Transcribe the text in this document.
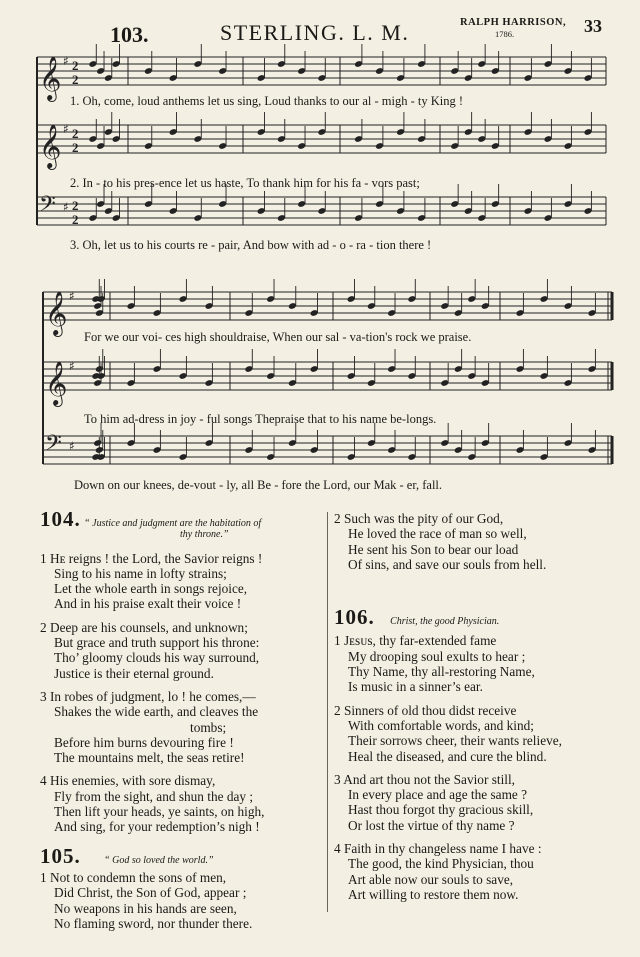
103.	STERLING. L. M.	RALPH HARRISON,
1786.	33
𝄞 ♯
𝄞 ♯
𝄢 ♯
𝄞 ♯
𝄞 ♯
𝄢 ♯
2
2
2
2
2
2
1. Oh, come, loud anthems let us sing, Loud thanks to our al - migh - ty King !
2. In - to his pres-ence let us haste, To thank him for his fa - vors past;
3. Oh, let us to his courts re - pair, And bow with ad - o - ra - tion there !
For we our voi- ces high shouldraise, When our sal - va-tion's rock we praise.
To him ad-dress in joy - ful songs Thepraise that to his name be-longs.
Down on our knees, de-vout - ly, all Be - fore the Lord, our Mak - er, fall.
104. “ Justice and judgment are the habitation of
thy throne.”
1 Hᴇ reigns ! the Lord, the Savior reigns !
Sing to his name in lofty strains;
Let the whole earth in songs rejoice,
And in his praise exalt their voice !
2 Deep are his counsels, and unknown;
But grace and truth support his throne:
Tho’ gloomy clouds his way surround,
Justice is their eternal ground.
3 In robes of judgment, lo ! he comes,—
Shakes the wide earth, and cleaves the
tombs;
Before him burns devouring fire !
The mountains melt, the seas retire!
4 His enemies, with sore dismay,
Fly from the sight, and shun the day ;
Then lift your heads, ye saints, on high,
And sing, for your redemption’s nigh !
105. “ God so loved the world.”
1 Not to condemn the sons of men,
Did Christ, the Son of God, appear ;
No weapons in his hands are seen,
No flaming sword, nor thunder there.
2 Such was the pity of our God,
He loved the race of man so well,
He sent his Son to bear our load
Of sins, and save our souls from hell.
106. Christ, the good Physician.
1 Jᴇѕᴜѕ, thy far-extended fame
My drooping soul exults to hear ;
Thy Name, thy all-restoring Name,
Is music in a sinner’s ear.
2 Sinners of old thou didst receive
With comfortable words, and kind;
Their sorrows cheer, their wants relieve,
Heal the diseased, and cure the blind.
3 And art thou not the Savior still,
In every place and age the same ?
Hast thou forgot thy gracious skill,
Or lost the virtue of thy name ?
4 Faith in thy changeless name I have :
The good, the kind Physician, thou
Art able now our souls to save,
Art willing to restore them now.
